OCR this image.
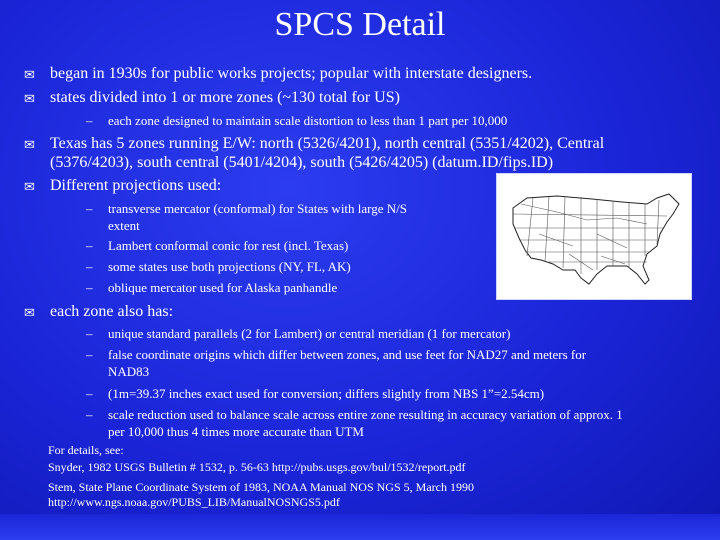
SPCS Detail
✉ began in 1930s for public works projects; popular with interstate designers.
✉ states divided into 1 or more zones (~130 total for US)
– each zone designed to maintain scale distortion to less than 1 part per 10,000
✉ Texas has 5 zones running E/W: north (5326/4201), north central (5351/4202), Central (5376/4203), south central (5401/4204), south (5426/4205) (datum.ID/fips.ID)
✉ Different projections used:
– transverse mercator (conformal) for States with large N/S extent
– Lambert conformal conic for rest (incl. Texas)
– some states use both projections (NY, FL, AK)
– oblique mercator used for Alaska panhandle
✉ each zone also has:
– unique standard parallels (2 for Lambert) or central meridian (1 for mercator)
– false coordinate origins which differ between zones, and use feet for NAD27 and meters for NAD83
– (1m=39.37 inches exact used for conversion; differs slightly from NBS 1”=2.54cm)
– scale reduction used to balance scale across entire zone resulting in accuracy variation of approx. 1 per 10,000 thus 4 times more accurate than UTM
For details, see:
Snyder, 1982 USGS Bulletin # 1532, p. 56-63 http://pubs.usgs.gov/bul/1532/report.pdf
Stem, State Plane Coordinate System of 1983, NOAA Manual NOS NGS 5, March 1990
http://www.ngs.noaa.gov/PUBS_LIB/ManualNOSNGS5.pdf
